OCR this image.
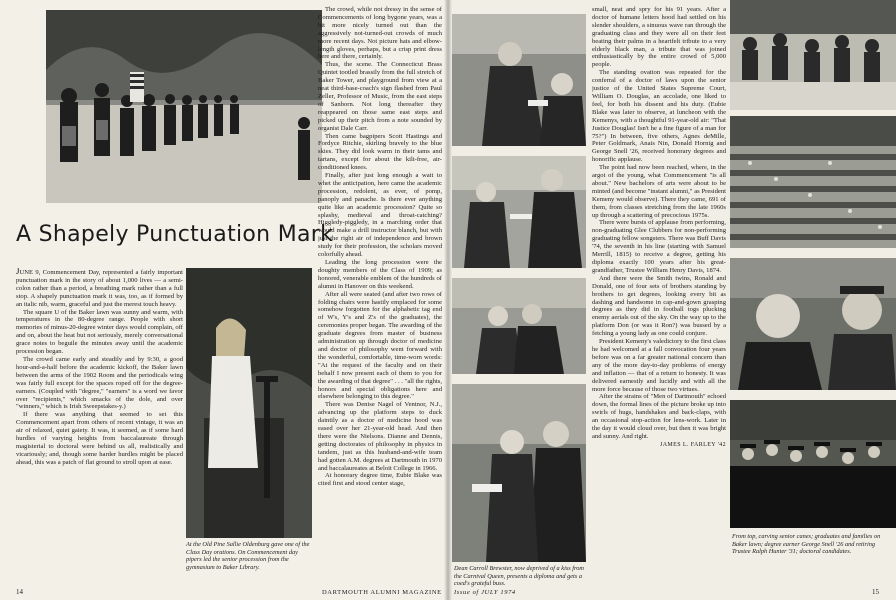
A Shapely Punctuation Mark

JUNE 9, Commencement Day, represented a fairly important punctuation mark in the story of about 1,000 lives — a semi-colon rather than a period, a breathing mark rather than a full stop. A shapely punctuation mark it was, too, as if formed by an italic nib, warm, graceful and just the merest touch heavy.

The square U of the Baker lawn was sunny and warm, with temperatures in the 80-degree range. People with short memories of minus-20-degree winter days would complain, off and on, about the heat but not seriously, merely conversational grace notes to beguile the minutes away until the academic procession began.

The crowd came early and steadily and by 9:30, a good hour-and-a-half before the academic kickoff, the Baker lawn between the arms of the 1902 Room and the periodicals wing was fairly full except for the spaces roped off for the degree-earners. (Coupled with "degree," "earners" is a word we favor over "recipients," which smacks of the dole, and over "winners," which is Irish Sweepstakes-y.)

If there was anything that seemed to set this Commencement apart from others of recent vintage, it was an air of relaxed, quiet gaiety. It was, it seemed, as if some hard hurdles of varying heights from baccalaureate through magisterial to doctoral were behind us all, realistically and vicariously; and, though some harder hurdles might be placed ahead, this was a patch of flat ground to stroll upon at ease.

At the Old Pine Sallie Oldenburg gave one of the Class Day orations. On Commencement day pipers led the senior procession from the gymnasium to Baker Library.

The crowd, while not dressy in the sense of Commencements of long bygone years, was a bit more nicely turned out than the aggressively not-turned-out crowds of much more recent days. Not picture hats and elbow-length gloves, perhaps, but a crisp print dress here and there, certainly.

Thus, the scene. The Connecticut Brass Quintet tootled brassily from the full stretch of Baker Tower, and playground from view at a neat third-base-coach's sign flashed from Paul Zeller, Professor of Music, from the east steps of Sanborn. Not long thereafter they reappeared on those same east steps and picked up their pitch from a note sounded by organist Dale Carr.

Then came bagpipers Scott Hastings and Fordyce Ritchie, skirling bravely to the blue skies. They did look warm in their tams and tartans, except for about the kilt-free, air-conditioned knees.

Finally, after just long enough a wait to whet the anticipation, here came the academic procession, redolent, as ever, of pomp, panoply and panache. Is there ever anything quite like an academic procession? Quite so splashy, medieval and throat-catching? Higgledy-piggledy, in a marching order that would make a drill instructor blanch, but with just the right air of independence and brown study for their profession, the scholars moved colorfully ahead.

Leading the long procession were the doughty members of the Class of 1909; as honored, venerable emblem of the hundreds of alumni in Hanover on this weekend.

After all were seated (and after two rows of folding chairs were hastily emplaced for some somehow forgotten for the alphabetic tag end of W's, Y's and Z's of the graduates), the ceremonies proper began. The awarding of the graduate degrees from master of business administration up through doctor of medicine and doctor of philosophy went forward with the wonderful, comfortable, time-worn words: "At the request of the faculty and on their behalf I now present each of them to you for the awarding of that degree" . . . "all the rights, honors and special obligations here and elsewhere belonging to this degree."

There was Denise Nagel of Ventnor, N.J., advancing up the platform steps to duck daintily as a doctor of medicine hood was eased over her 21-year-old head. And then there were the Nielsons. Dianne and Dennis, getting doctorates of philosophy in physics in tandem, just as this husband-and-wife team had gotten A.M. degrees at Dartmouth in 1970 and baccalaureates at Beloit College in 1966.

At honorary degree time, Eubie Blake was cited first and stood center stage,

14	DARTMOUTH ALUMNI MAGAZINE
Dean Carroll Brewster, now deprived of a kiss from the Carnival Queen, presents a diploma and gets a coed's grateful buss.

small, neat and spry for his 91 years. After a doctor of humane letters hood had settled on his slender shoulders, a sinuous wave ran through the graduating class and they were all on their feet beating their palms in a heartfelt tribute to a very elderly black man, a tribute that was joined enthusiastically by the entire crowd of 5,000 people.

The standing ovation was repeated for the conferral of a doctor of laws upon the senior justice of the United States Supreme Court, William O. Douglas, an accolade, one liked to feel, for both his dissent and his duty. (Eubie Blake was later to observe, at luncheon with the Kemenys, with a thoughtful 91-year-old air: "That Justice Douglas! Isn't he a fine figure of a man for 75?") In between, five others, Agnes deMille, Peter Goldmark, Anais Nin, Donald Hornig and George Snell '26, received honorary degrees and honorific applause.

The point had now been reached, where, in the argot of the young, what Commencement "is all about." New bachelors of arts were about to be minted (and become "instant alumni," as President Kemeny would observe). There they came, 691 of them, from classes stretching from the late 1960s up through a scattering of precocious 1975s.

There were bursts of applause from performing, non-graduating Glee Clubbers for non-performing graduating fellow songsters. There was Buff Davis '74, the seventh in his line (starting with Samuel Merrill, 1815) to receive a degree, getting his diploma exactly 100 years after his great-grandfather, Trustee William Henry Davis, 1874.

And there were the Smith twins, Ronald and Donald, one of four sets of brothers standing by brothers to get degrees, looking every bit as dashing and handsome in cap-and-gown grasping degrees as they did in football togs plucking enemy aerials out of the sky. On the way up to the platform Don (or was it Ron?) was bussed by a fetching a young lady as one could conjure.

President Kemeny's valedictory to the first class he had welcomed at a fall convocation four years before was on a far greater national concern than any of the more day-to-day problems of energy and inflation — that of a return to honesty. It was delivered earnestly and lucidly and with all the more force because of those two virtues.

After the strains of "Men of Dartmouth" echoed down, the formal lines of the picture broke up into swirls of hugs, handshakes and back-claps, with an occasional stop-action for lens-work. Later in the day it would cloud over, but then it was bright and sunny. And right.

JAMES L. FARLEY '42
From top, carving senior canes; graduates and families on Baker lawn; degree earner George Snell '26 and retiring Trustee Ralph Hunter '31; doctoral candidates.
Issue of JULY 1974	15
